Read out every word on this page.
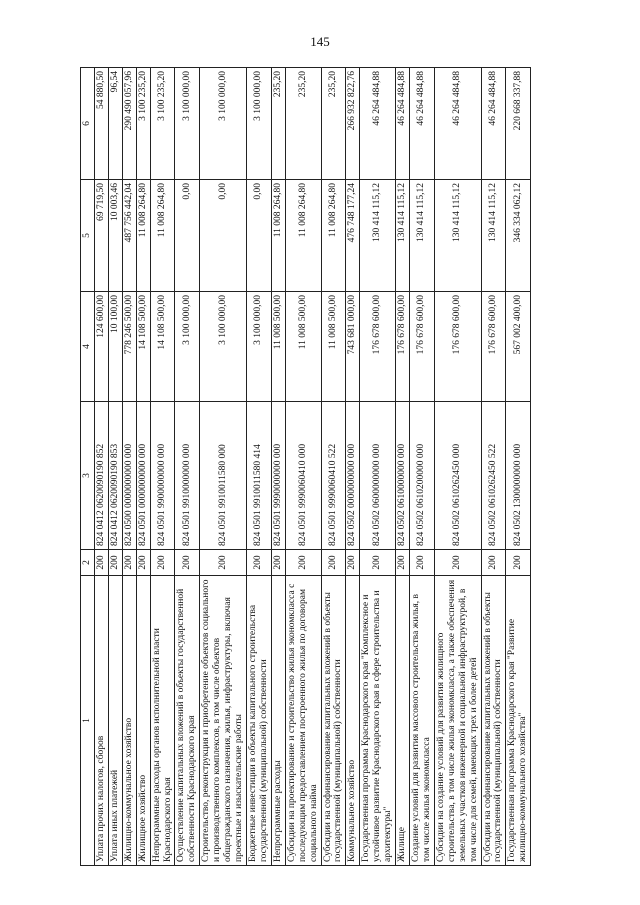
145
1	2	3	4	5	6
Уплата прочих налогов, сборов	200	824 0412 0620090190 852	124 600,00	69 719,50	54 880,50
Уплата иных платежей	200	824 0412 0620090190 853	10 100,00	10 003,46	96,54
Жилищно-коммунальное хозяйство	200	824 0500 0000000000 000	778 246 500,00	487 756 442,04	290 490 057,96
Жилищное хозяйство	200	824 0501 0000000000 000	14 108 500,00	11 008 264,80	3 100 235,20
Непрограммные расходы органов исполнительной власти Краснодарского края	200	824 0501 9900000000 000	14 108 500,00	11 008 264,80	3 100 235,20
Осуществление капитальных вложений в объекты государственной собственности Краснодарского края	200	824 0501 9910000000 000	3 100 000,00	0,00	3 100 000,00
Строительство, реконструкция и приобретение объектов социального и производственного комплексов, в том числе объектов общегражданского назначения, жилья, инфраструктуры, включая проектные и изыскательские работы	200	824 0501 9910011580 000	3 100 000,00	0,00	3 100 000,00
Бюджетные инвестиции в объекты капитального строительства государственной (муниципальной) собственности	200	824 0501 9910011580 414	3 100 000,00	0,00	3 100 000,00
Непрограммные расходы	200	824 0501 9990000000 000	11 008 500,00	11 008 264,80	235,20
Субсидии на проектирование и строительство жилья экономкласса с последующим предоставлением построенного жилья по договорам социального найма	200	824 0501 9990060410 000	11 008 500,00	11 008 264,80	235,20
Субсидии на софинансирование капитальных вложений в объекты государственной (муниципальной) собственности	200	824 0501 9990060410 522	11 008 500,00	11 008 264,80	235,20
Коммунальное хозяйство	200	824 0502 0000000000 000	743 681 000,00	476 748 177,24	266 932 822,76
Государственная программа Краснодарского края "Комплексное и устойчивое развитие Краснодарского края в сфере строительства и архитектуры"	200	824 0502 0600000000 000	176 678 600,00	130 414 115,12	46 264 484,88
Жилище	200	824 0502 0610000000 000	176 678 600,00	130 414 115,12	46 264 484,88
Создание условий для развития массового строительства жилья, в том числе жилья экономкласса	200	824 0502 0610200000 000	176 678 600,00	130 414 115,12	46 264 484,88
Субсидии на создание условий для развития жилищного строительства, в том числе жилья экономкласса, а также обеспечения земельных участков инженерной и социальной инфраструктурой, в том числе для семей, имеющих трех и более детей	200	824 0502 0610262450 000	176 678 600,00	130 414 115,12	46 264 484,88
Субсидии на софинансирование капитальных вложений в объекты государственной (муниципальной) собственности	200	824 0502 0610262450 522	176 678 600,00	130 414 115,12	46 264 484,88
Государственная программа Краснодарского края "Развитие жилищно-коммунального хозяйства"	200	824 0502 1300000000 000	567 002 400,00	346 334 062,12	220 668 337,88
